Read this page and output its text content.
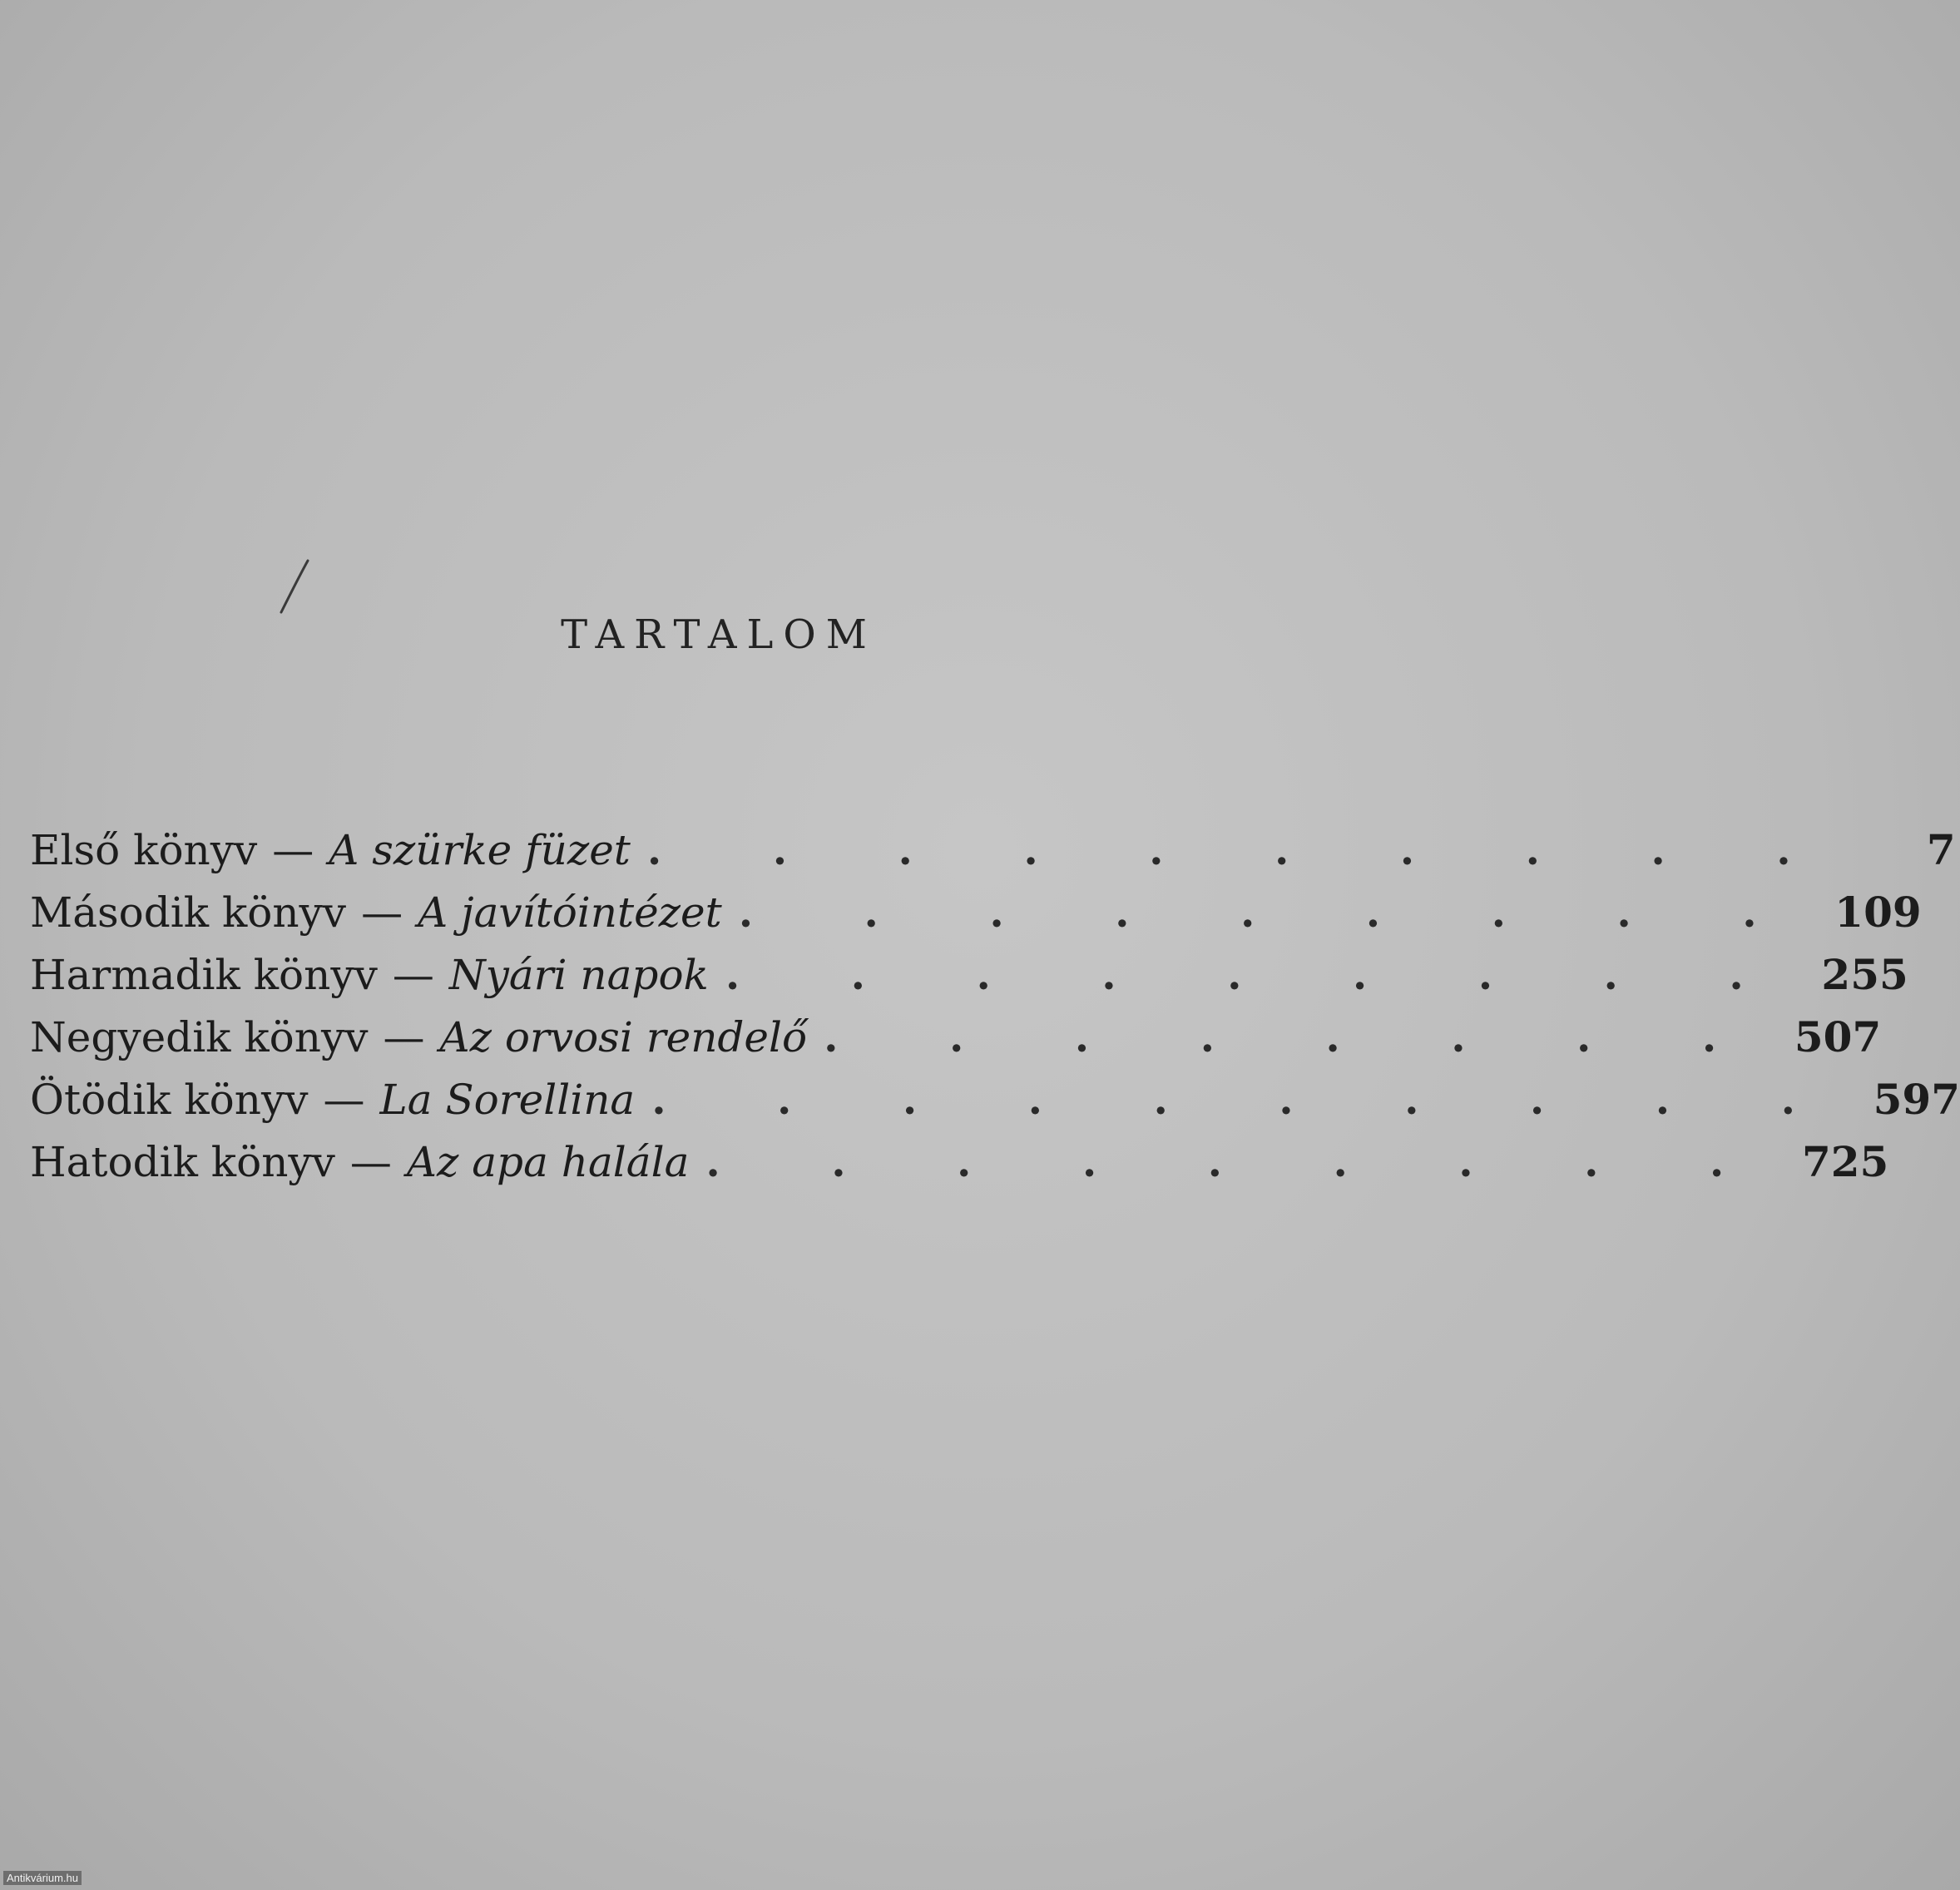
TARTALOM
Első könyv — A szürke füzet . . . . . . . . . .	7
Második könyv — A javítóintézet . . . . . . . . . 109
Harmadik könyv — Nyári napok . . . . . . . . . 255
Negyedik könyv — Az orvosi rendelő . . . . . . . . 507
Ötödik könyv — La Sorellina . . . . . . . . . . 597
Hatodik könyv — Az apa halála . . . . . . . . . 725
Antikvárium.hu
